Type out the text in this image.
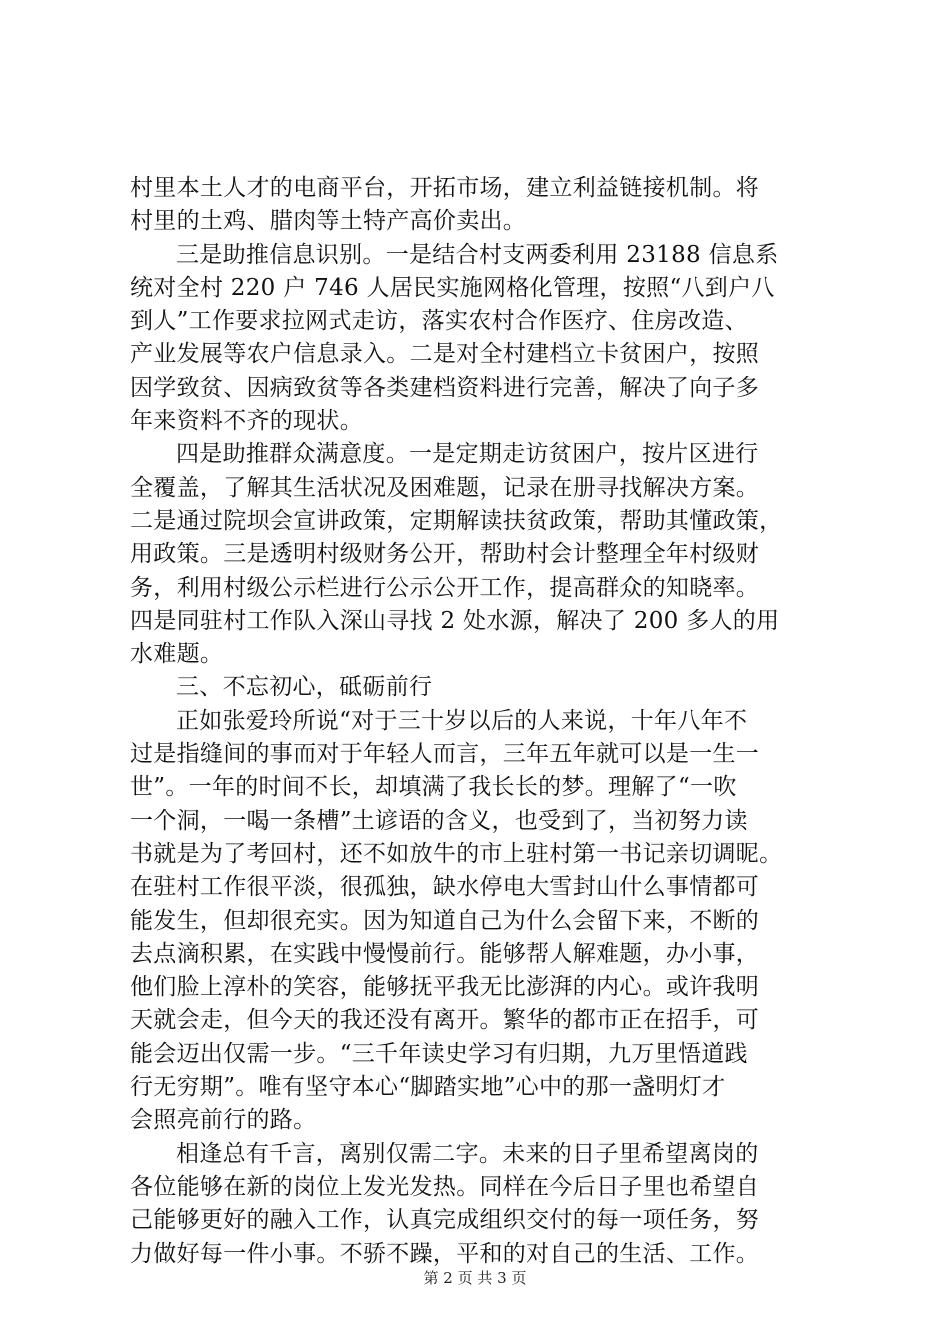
村里本土人才的电商平台，开拓市场，建立利益链接机制。将
村里的土鸡、腊肉等土特产高价卖出。
三是助推信息识别。一是结合村支两委利用 23188 信息系
统对全村 220 户 746 人居民实施网格化管理，按照“八到户八
到人”工作要求拉网式走访，落实农村合作医疗、住房改造、
产业发展等农户信息录入。二是对全村建档立卡贫困户，按照
因学致贫、因病致贫等各类建档资料进行完善，解决了向子多
年来资料不齐的现状。
四是助推群众满意度。一是定期走访贫困户，按片区进行
全覆盖，了解其生活状况及困难题，记录在册寻找解决方案。
二是通过院坝会宣讲政策，定期解读扶贫政策，帮助其懂政策，
用政策。三是透明村级财务公开，帮助村会计整理全年村级财
务，利用村级公示栏进行公示公开工作，提高群众的知晓率。
四是同驻村工作队入深山寻找 2 处水源，解决了 200 多人的用
水难题。
三、不忘初心，砥砺前行
正如张爱玲所说“对于三十岁以后的人来说，十年八年不
过是指缝间的事而对于年轻人而言，三年五年就可以是一生一
世”。一年的时间不长，却填满了我长长的梦。理解了“一吹
一个洞，一喝一条槽”土谚语的含义，也受到了，当初努力读
书就是为了考回村，还不如放牛的市上驻村第一书记亲切调昵。
在驻村工作很平淡，很孤独，缺水停电大雪封山什么事情都可
能发生，但却很充实。因为知道自己为什么会留下来，不断的
去点滴积累，在实践中慢慢前行。能够帮人解难题，办小事，
他们脸上淳朴的笑容，能够抚平我无比澎湃的内心。或许我明
天就会走，但今天的我还没有离开。繁华的都市正在招手，可
能会迈出仅需一步。“三千年读史学习有归期，九万里悟道践
行无穷期”。唯有坚守本心“脚踏实地”心中的那一盏明灯才
会照亮前行的路。
相逢总有千言，离别仅需二字。未来的日子里希望离岗的
各位能够在新的岗位上发光发热。同样在今后日子里也希望自
己能够更好的融入工作，认真完成组织交付的每一项任务，努
力做好每一件小事。不骄不躁，平和的对自己的生活、工作。
第 2 页 共 3 页
